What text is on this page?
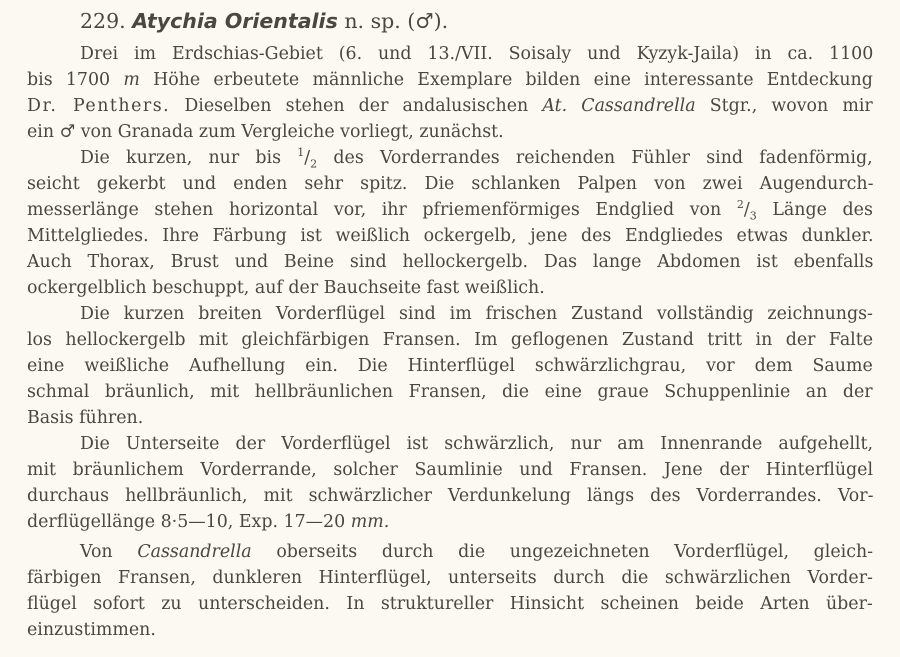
229. Atychia Orientalis n. sp. (♂).
Drei im Erdschias-Gebiet (6. und 13./VII. Soisaly und Kyzyk-Jaila) in ca. 1100
bis 1700 m Höhe erbeutete männliche Exemplare bilden eine interessante Entdeckung
Dr. Penthers. Dieselben stehen der andalusischen At. Cassandrella Stgr., wovon mir
ein ♂ von Granada zum Vergleiche vorliegt, zunächst.
Die kurzen, nur bis $^1/_2$ des Vorderrandes reichenden Fühler sind fadenförmig,
seicht gekerbt und enden sehr spitz. Die schlanken Palpen von zwei Augendurch-
messerlänge stehen horizontal vor, ihr pfriemenförmiges Endglied von $^2/_3$ Länge des
Mittelgliedes. Ihre Färbung ist weißlich ockergelb, jene des Endgliedes etwas dunkler.
Auch Thorax, Brust und Beine sind hellockergelb. Das lange Abdomen ist ebenfalls
ockergelblich beschuppt, auf der Bauchseite fast weißlich.
Die kurzen breiten Vorderflügel sind im frischen Zustand vollständig zeichnungs-
los hellockergelb mit gleichfärbigen Fransen. Im geflogenen Zustand tritt in der Falte
eine weißliche Aufhellung ein. Die Hinterflügel schwärzlichgrau, vor dem Saume
schmal bräunlich, mit hellbräunlichen Fransen, die eine graue Schuppenlinie an der
Basis führen.
Die Unterseite der Vorderflügel ist schwärzlich, nur am Innenrande aufgehellt,
mit bräunlichem Vorderrande, solcher Saumlinie und Fransen. Jene der Hinterflügel
durchaus hellbräunlich, mit schwärzlicher Verdunkelung längs des Vorderrandes. Vor-
derflügellänge 8·5—10, Exp. 17—20 mm.
Von Cassandrella oberseits durch die ungezeichneten Vorderflügel, gleich-
färbigen Fransen, dunkleren Hinterflügel, unterseits durch die schwärzlichen Vorder-
flügel sofort zu unterscheiden. In struktureller Hinsicht scheinen beide Arten über-
einzustimmen.
